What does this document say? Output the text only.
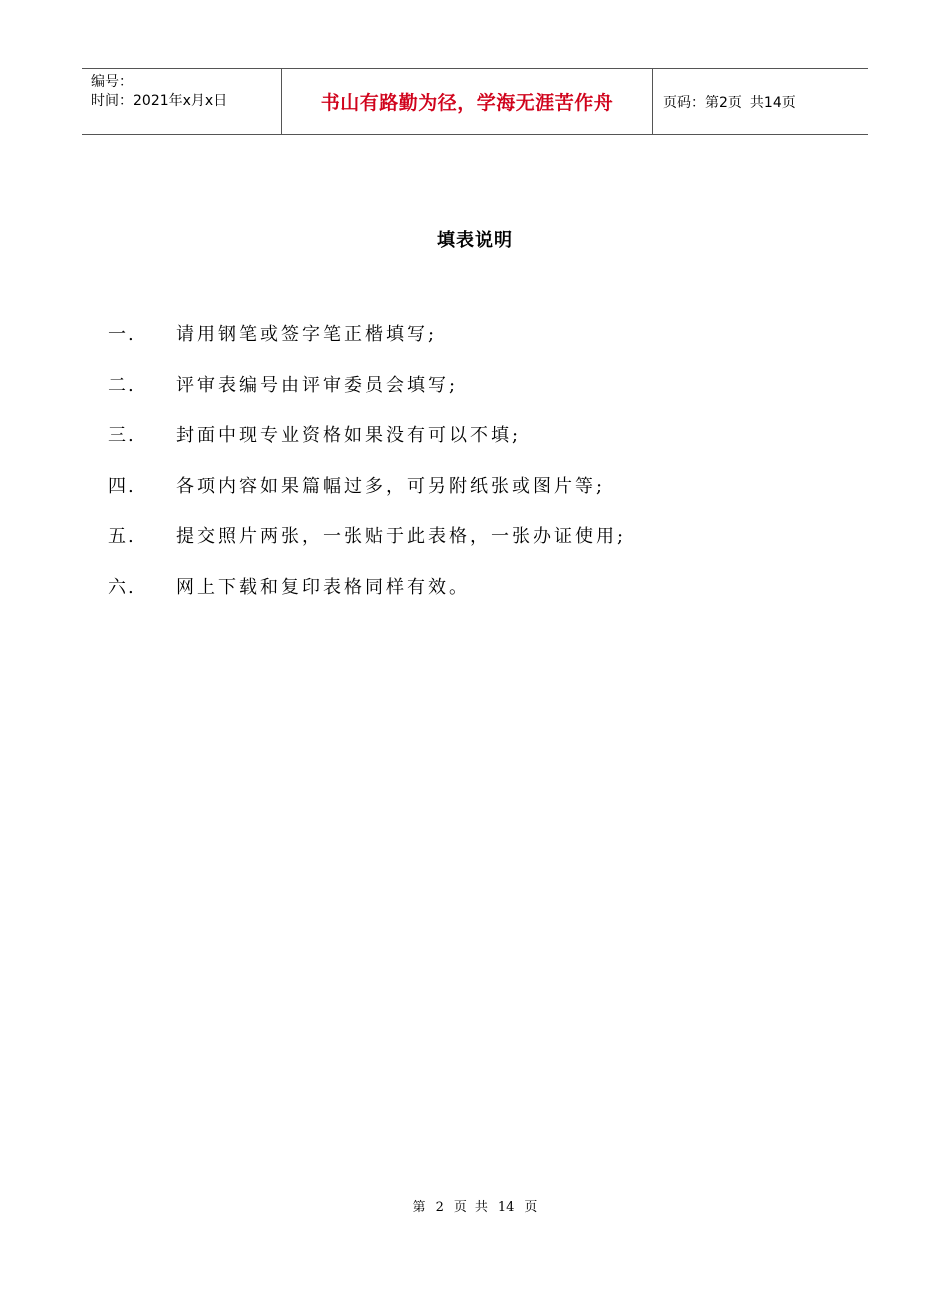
编号：
时间：2021年x月x日	书山有路勤为径，学海无涯苦作舟	页码：第2页 共14页
填表说明
一.	请用钢笔或签字笔正楷填写;
二.	评审表编号由评审委员会填写;
三.	封面中现专业资格如果没有可以不填;
四.	各项内容如果篇幅过多，可另附纸张或图片等;
五.	提交照片两张，一张贴于此表格，一张办证使用;
六.	网上下载和复印表格同样有效。
第 2 页 共 14 页
